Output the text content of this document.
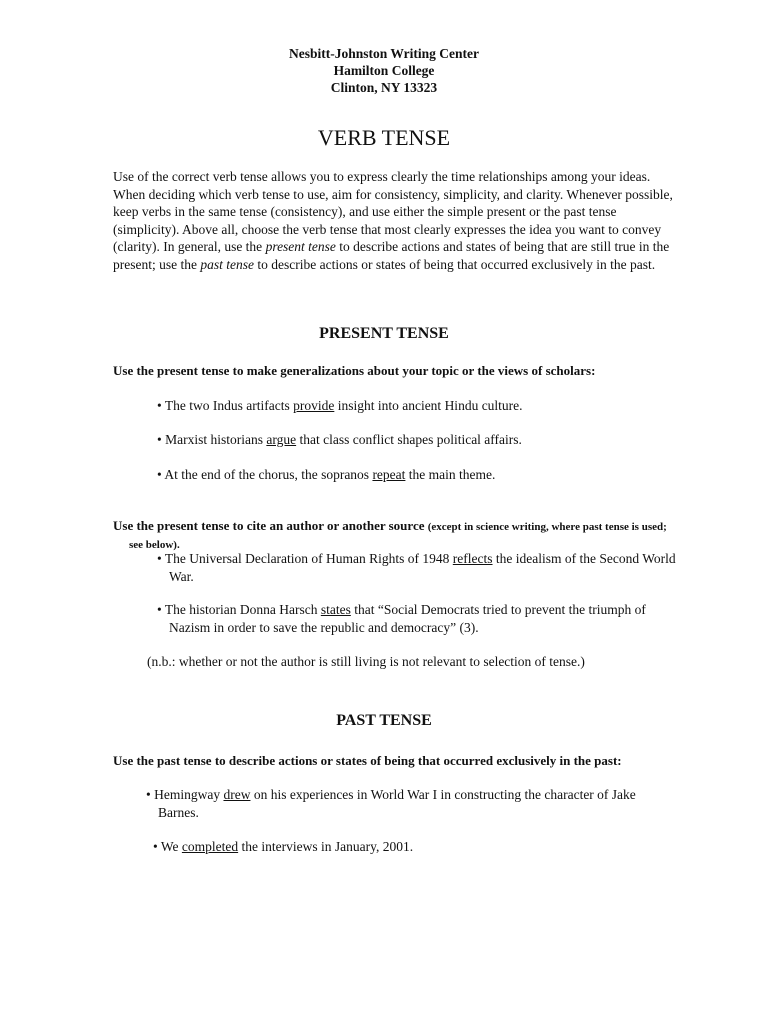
Nesbitt-Johnston Writing Center
Hamilton College
Clinton, NY 13323
VERB TENSE
Use of the correct verb tense allows you to express clearly the time relationships among your ideas. When deciding which verb tense to use, aim for consistency, simplicity, and clarity. Whenever possible, keep verbs in the same tense (consistency), and use either the simple present or the past tense (simplicity). Above all, choose the verb tense that most clearly expresses the idea you want to convey (clarity). In general, use the present tense to describe actions and states of being that are still true in the present; use the past tense to describe actions or states of being that occurred exclusively in the past.
PRESENT TENSE
Use the present tense to make generalizations about your topic or the views of scholars:
• The two Indus artifacts provide insight into ancient Hindu culture.
• Marxist historians argue that class conflict shapes political affairs.
• At the end of the chorus, the sopranos repeat the main theme.
Use the present tense to cite an author or another source (except in science writing, where past tense is used; see below).
• The Universal Declaration of Human Rights of 1948 reflects the idealism of the Second World War.
• The historian Donna Harsch states that “Social Democrats tried to prevent the triumph of Nazism in order to save the republic and democracy” (3).
(n.b.: whether or not the author is still living is not relevant to selection of tense.)
PAST TENSE
Use the past tense to describe actions or states of being that occurred exclusively in the past:
• Hemingway drew on his experiences in World War I in constructing the character of Jake Barnes.
• We completed the interviews in January, 2001.
